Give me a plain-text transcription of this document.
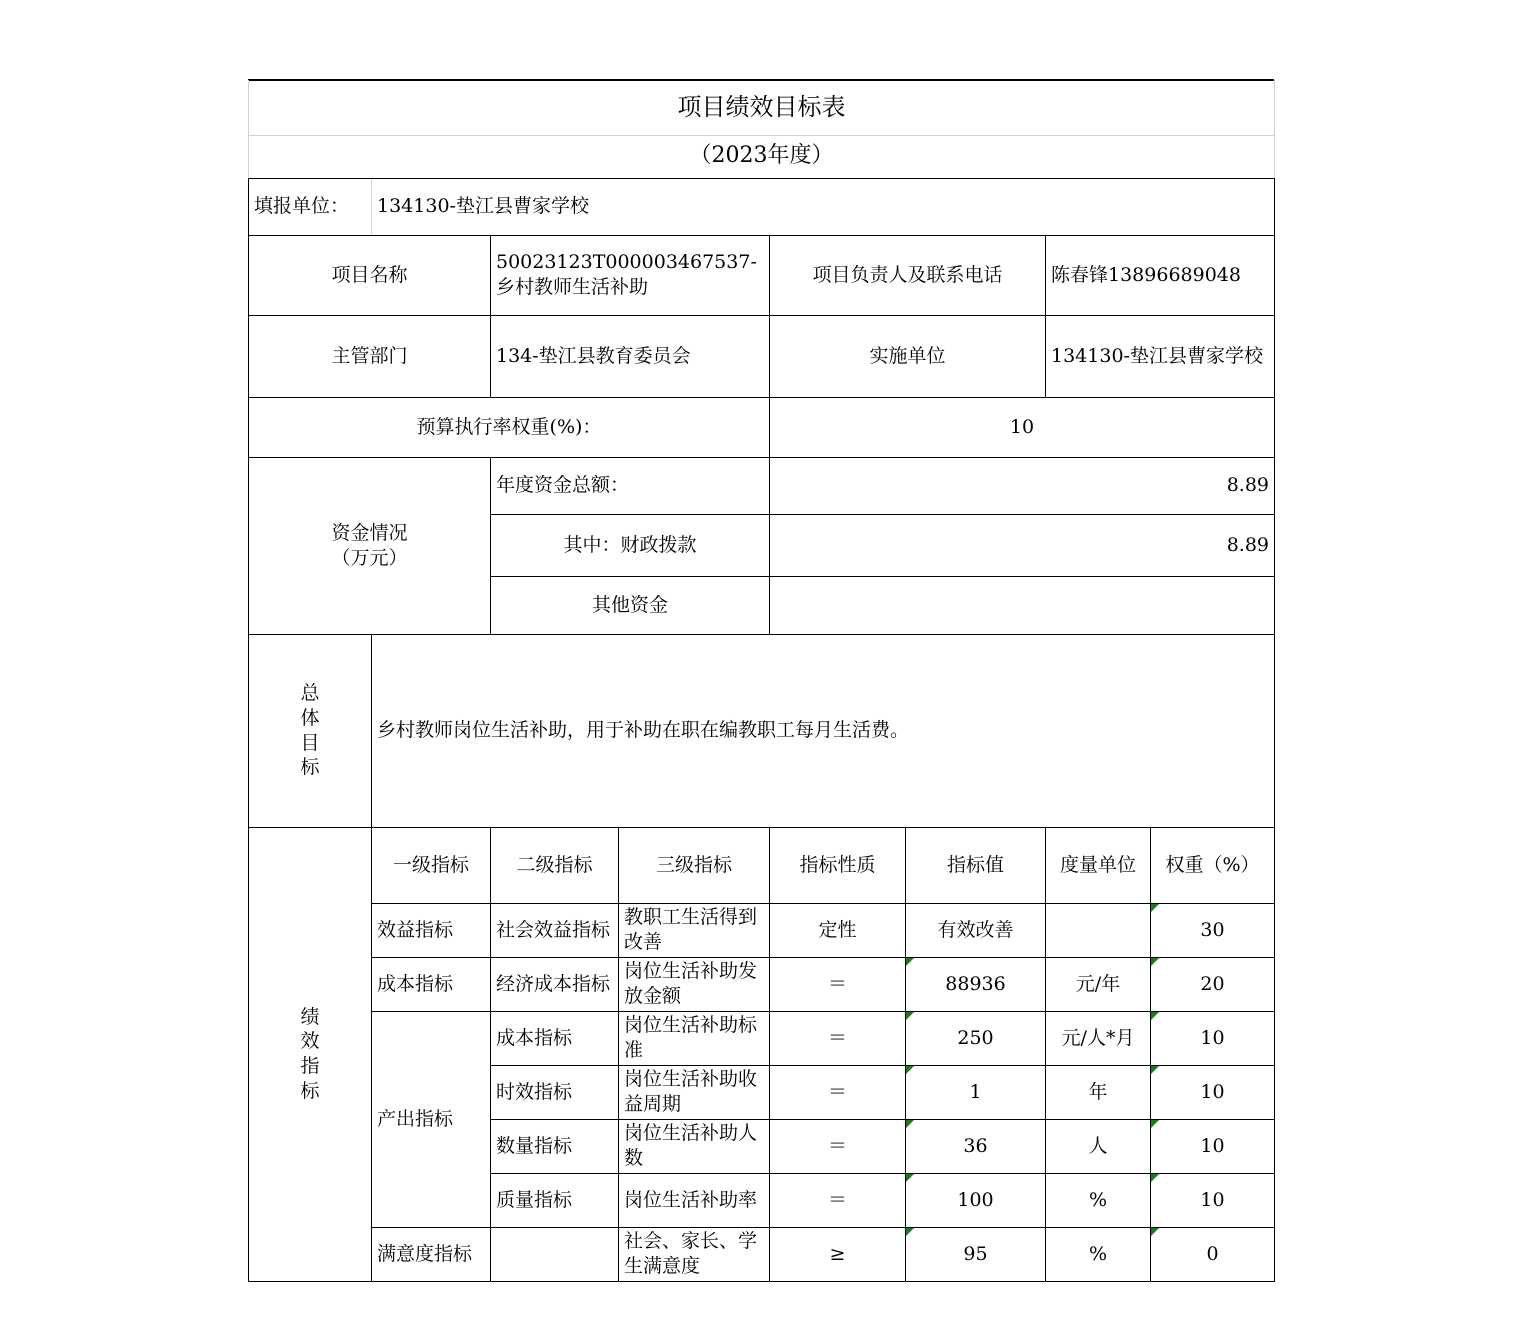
项目绩效目标表							
（2023年度）							
填报单位：	134130-垫江县曹家学校						
项目名称		50023123T000003467537-乡村教师生活补助		项目负责人及联系电话		陈春锋13896689048	
主管部门		134-垫江县教育委员会		实施单位		134130-垫江县曹家学校	
预算执行率权重(%)：				10			

资金情况
（万元）		年度资金总额：		8.89			
		其中：财政拨款		8.89			
		其他资金					

总
体
目
标	乡村教师岗位生活补助，用于补助在职在编教职工每月生活费。						

绩
效
指
标	一级指标	二级指标	三级指标	指标性质	指标值	度量单位	权重（%）
	效益指标	社会效益指标	教职工生活得到改善	定性	有效改善		30
	成本指标	经济成本指标	岗位生活补助发放金额	＝	88936	元/年	20
	产出指标	成本指标	岗位生活补助标准	＝	250	元/人*月	10
		时效指标	岗位生活补助收益周期	＝	1	年	10
		数量指标	岗位生活补助人数	＝	36	人	10
		质量指标	岗位生活补助率	＝	100	%	10
	满意度指标		社会、家长、学生满意度	≥	95	%	0
